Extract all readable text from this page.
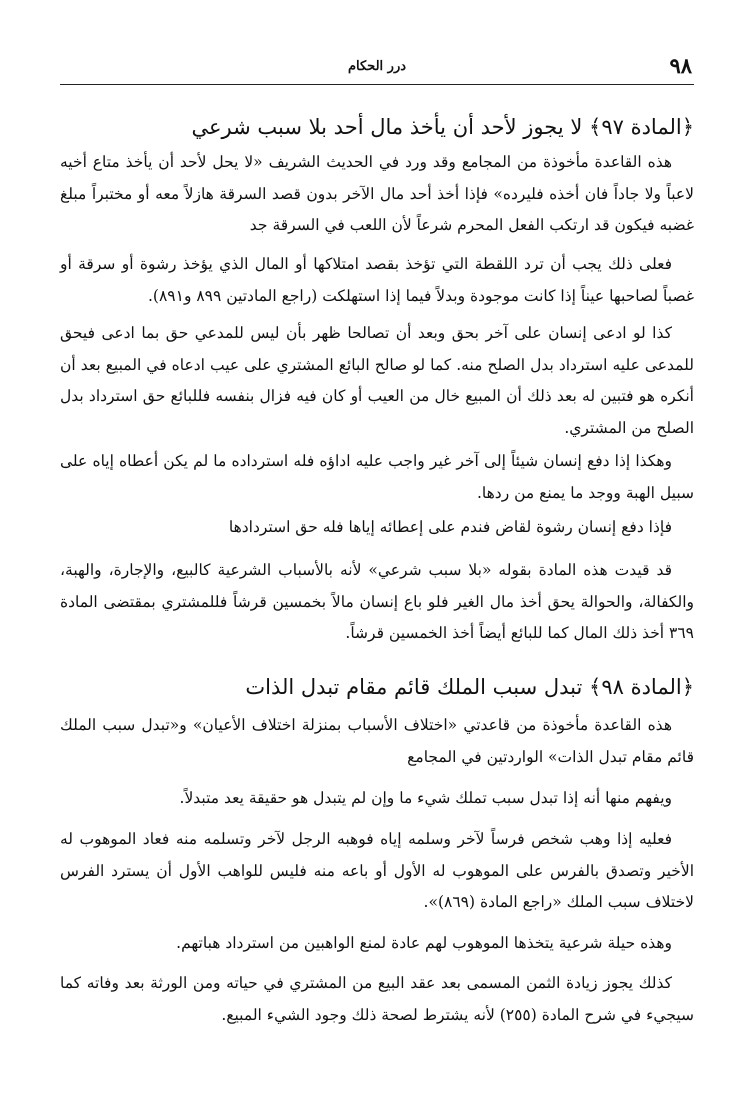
٩٨
درر الحكام
﴿المادة ٩٧﴾ لا يجوز لأحد أن يأخذ مال أحد بلا سبب شرعي
هذه القاعدة مأخوذة من المجامع وقد ورد في الحديث الشريف «لا يحل لأحد أن يأخذ متاع أخيه لاعباً ولا جاداً فان أخذه فليرده» فإذا أخذ أحد مال الآخر بدون قصد السرقة هازلاً معه أو مختبراً مبلغ غضبه فيكون قد ارتكب الفعل المحرم شرعاً لأن اللعب في السرقة جد
فعلى ذلك يجب أن ترد اللقطة التي تؤخذ بقصد امتلاكها أو المال الذي يؤخذ رشوة أو سرقة أو غصباً لصاحبها عيناً إذا كانت موجودة وبدلاً فيما إذا استهلكت (راجع المادتين ٨٩٩ و٨٩١).
كذا لو ادعى إنسان على آخر بحق وبعد أن تصالحا ظهر بأن ليس للمدعي حق بما ادعى فيحق للمدعى عليه استرداد بدل الصلح منه. كما لو صالح البائع المشتري على عيب ادعاه في المبيع بعد أن أنكره هو فتبين له بعد ذلك أن المبيع خال من العيب أو كان فيه فزال بنفسه فللبائع حق استرداد بدل الصلح من المشتري.
وهكذا إذا دفع إنسان شيئاً إلى آخر غير واجب عليه اداؤه فله استرداده ما لم يكن أعطاه إياه على سبيل الهبة ووجد ما يمنع من ردها.
فإذا دفع إنسان رشوة لقاض فندم على إعطائه إياها فله حق استردادها
قد قيدت هذه المادة بقوله «بلا سبب شرعي» لأنه بالأسباب الشرعية كالبيع، والإجارة، والهبة، والكفالة، والحوالة يحق أخذ مال الغير فلو باع إنسان مالاً بخمسين قرشاً فللمشتري بمقتضى المادة ٣٦٩ أخذ ذلك المال كما للبائع أيضاً أخذ الخمسين قرشاً.
﴿المادة ٩٨﴾ تبدل سبب الملك قائم مقام تبدل الذات
هذه القاعدة مأخوذة من قاعدتي «اختلاف الأسباب بمنزلة اختلاف الأعيان» و«تبدل سبب الملك قائم مقام تبدل الذات» الواردتين في المجامع
ويفهم منها أنه إذا تبدل سبب تملك شيء ما وإن لم يتبدل هو حقيقة يعد متبدلاً.
فعليه إذا وهب شخص فرساً لآخر وسلمه إياه فوهبه الرجل لآخر وتسلمه منه فعاد الموهوب له الأخير وتصدق بالفرس على الموهوب له الأول أو باعه منه فليس للواهب الأول أن يسترد الفرس لاختلاف سبب الملك «راجع المادة (٨٦٩)».
وهذه حيلة شرعية يتخذها الموهوب لهم عادة لمنع الواهبين من استرداد هباتهم.
كذلك يجوز زيادة الثمن المسمى بعد عقد البيع من المشتري في حياته ومن الورثة بعد وفاته كما سيجيء في شرح المادة (٢٥٥) لأنه يشترط لصحة ذلك وجود الشيء المبيع.
